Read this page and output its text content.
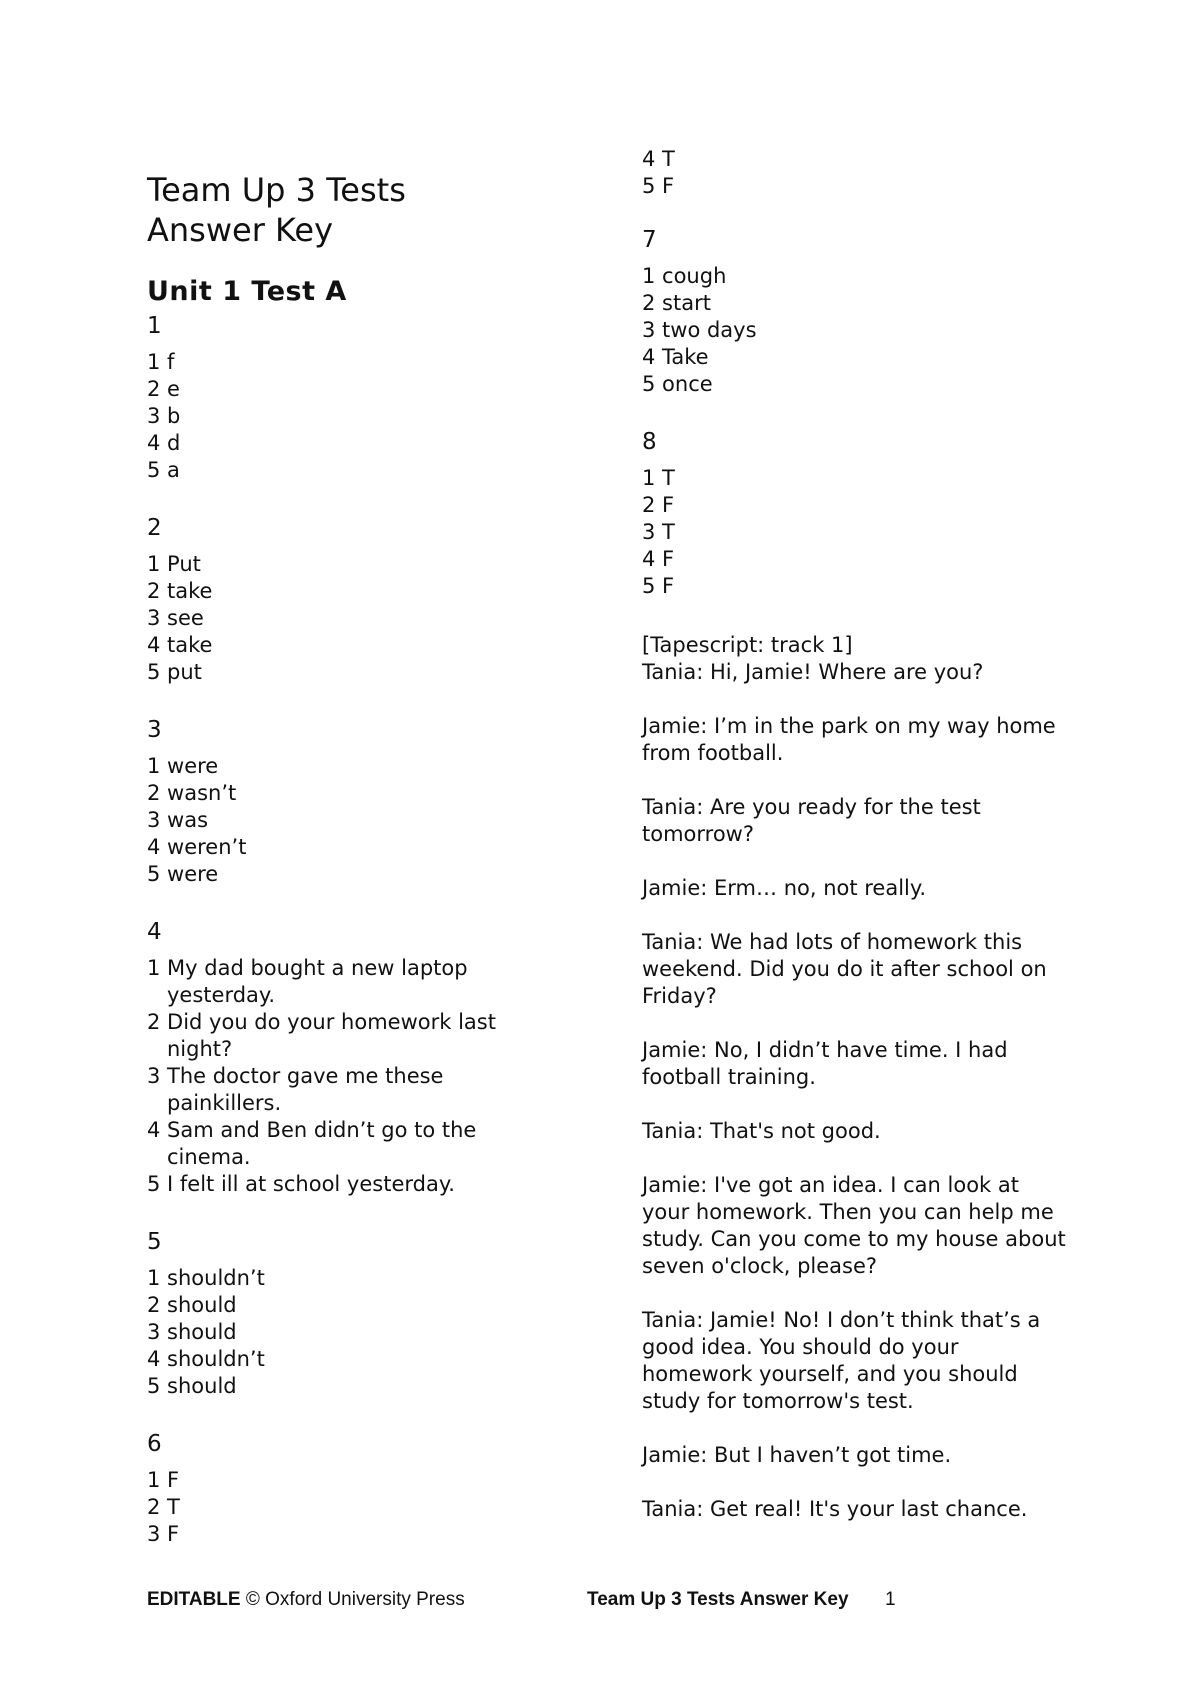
Team Up 3 Tests
Answer Key
Unit 1 Test A
1
1 f
2 e
3 b
4 d
5 a
2
1 Put
2 take
3 see
4 take
5 put
3
1 were
2 wasn’t
3 was
4 weren’t
5 were
4
1 My dad bought a new laptop yesterday.
2 Did you do your homework last night?
3 The doctor gave me these painkillers.
4 Sam and Ben didn’t go to the cinema.
5 I felt ill at school yesterday.
5
1 shouldn’t
2 should
3 should
4 shouldn’t
5 should
6
1 F
2 T
3 F
4 T
5 F
7
1 cough
2 start
3 two days
4 Take
5 once
8
1 T
2 F
3 T
4 F
5 F

[Tapescript: track 1]

Tania: Hi, Jamie! Where are you?

Jamie: I’m in the park on my way home from football.

Tania: Are you ready for the test tomorrow?

Jamie: Erm… no, not really.

Tania: We had lots of homework this weekend. Did you do it after school on Friday?

Jamie: No, I didn’t have time. I had football training.

Tania: That's not good.

Jamie: I've got an idea. I can look at your homework. Then you can help me study. Can you come to my house about seven o'clock, please?

Tania: Jamie! No! I don’t think that’s a good idea. You should do your homework yourself, and you should study for tomorrow's test.

Jamie: But I haven’t got time.

Tania: Get real! It's your last chance.

EDITABLE © Oxford University Press	Team Up 3 Tests Answer Key 1
